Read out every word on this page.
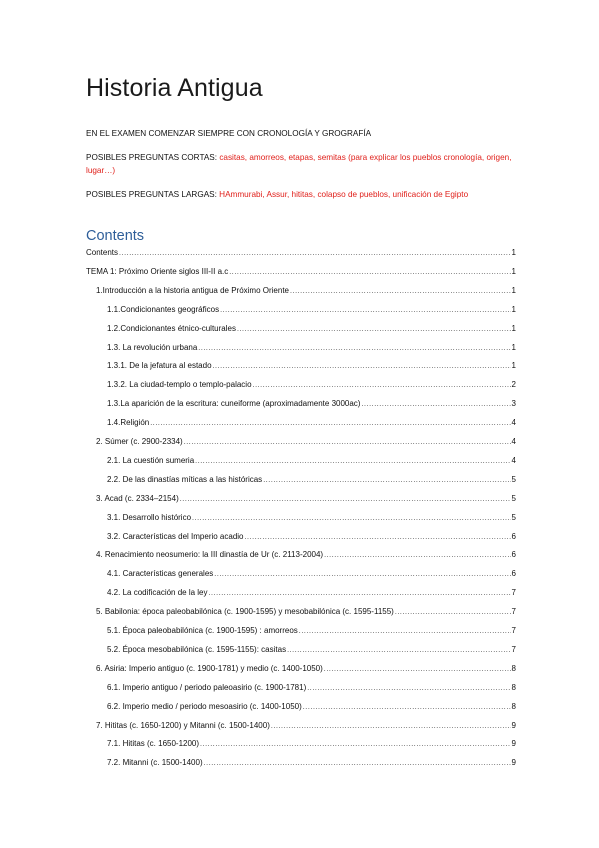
Historia Antigua
EN EL EXAMEN COMENZAR SIEMPRE CON CRONOLOGÍA Y GROGRAFÍA
POSIBLES PREGUNTAS CORTAS: casitas, amorreos, etapas, semitas (para explicar los pueblos cronología, origen, lugar…)
POSIBLES PREGUNTAS LARGAS: HAmmurabi, Assur, hititas, colapso de pueblos, unificación de Egipto
Contents
Contents .....	1
TEMA 1: Próximo Oriente siglos III-II a.c .....	1
1.Introducción a la historia antigua de Próximo Oriente .....	1
1.1.Condicionantes geográficos .....	1
1.2.Condicionantes étnico-culturales .....	1
1.3. La revolución urbana .....	1
1.3.1. De la jefatura al estado .....	1
1.3.2. La ciudad-templo o templo-palacio .....	2
1.3.La aparición de la escritura: cuneiforme (aproximadamente 3000ac) .....	3
1.4.Religión .....	4
2. Súmer (c. 2900-2334) .....	4
2.1. La cuestión sumeria .....	4
2.2. De las dinastías míticas a las históricas .....	5
3. Acad (c. 2334–2154) .....	5
3.1. Desarrollo histórico .....	5
3.2. Características del Imperio acadio .....	6
4. Renacimiento neosumerio: la III dinastía de Ur (c. 2113-2004) .....	6
4.1. Características generales .....	6
4.2. La codificación de la ley .....	7
5. Babilonia: época paleobabilónica (c. 1900-1595) y mesobabilónica (c. 1595-1155) .....	7
5.1. Época paleobabilónica (c. 1900-1595) : amorreos .....	7
5.2. Época mesobabilónica (c. 1595-1155): casitas .....	7
6. Asiria: Imperio antiguo (c. 1900-1781) y medio (c. 1400-1050) .....	8
6.1. Imperio antiguo / periodo paleoasirio (c. 1900-1781) .....	8
6.2. Imperio medio / periodo mesoasirio (c. 1400-1050) .....	8
7. Hititas (c. 1650-1200) y Mitanni (c. 1500-1400) .....	9
7.1. Hititas (c. 1650-1200) .....	9
7.2. Mitanni (c. 1500-1400) .....	9
